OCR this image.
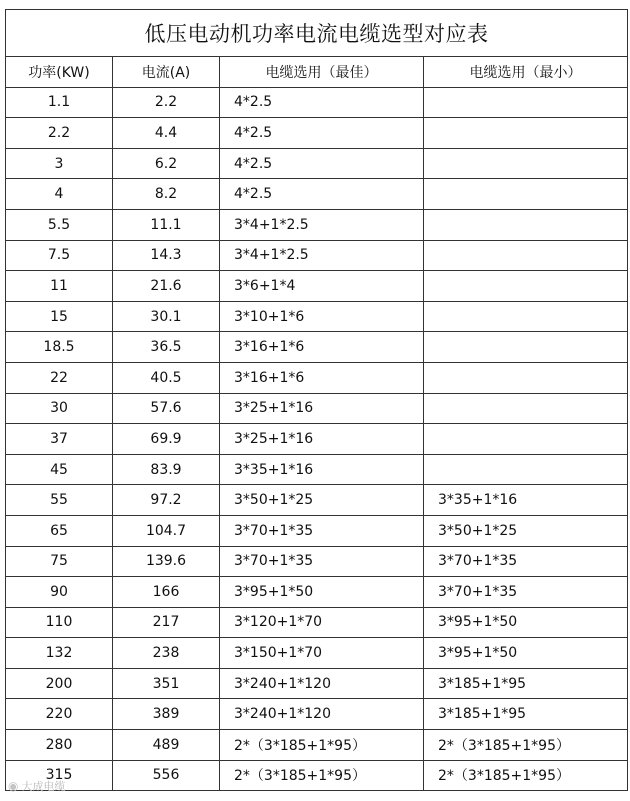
低压电动机功率电流电缆选型对应表			
功率(KW)	电流(A)	电缆选用（最佳）	电缆选用（最小）
1.1	2.2	4*2.5	
2.2	4.4	4*2.5	
3	6.2	4*2.5	
4	8.2	4*2.5	
5.5	11.1	3*4+1*2.5	
7.5	14.3	3*4+1*2.5	
11	21.6	3*6+1*4	
15	30.1	3*10+1*6	
18.5	36.5	3*16+1*6	
22	40.5	3*16+1*6	
30	57.6	3*25+1*16	
37	69.9	3*25+1*16	
45	83.9	3*35+1*16	
55	97.2	3*50+1*25	3*35+1*16
65	104.7	3*70+1*35	3*50+1*25
75	139.6	3*70+1*35	3*70+1*35
90	166	3*95+1*50	3*70+1*35
110	217	3*120+1*70	3*95+1*50
132	238	3*150+1*70	3*95+1*50
200	351	3*240+1*120	3*185+1*95
220	389	3*240+1*120	3*185+1*95
280	489	2*（3*185+1*95）	2*（3*185+1*95）
315	556	2*（3*185+1*95）	2*（3*185+1*95）
◉ 大成电缆
